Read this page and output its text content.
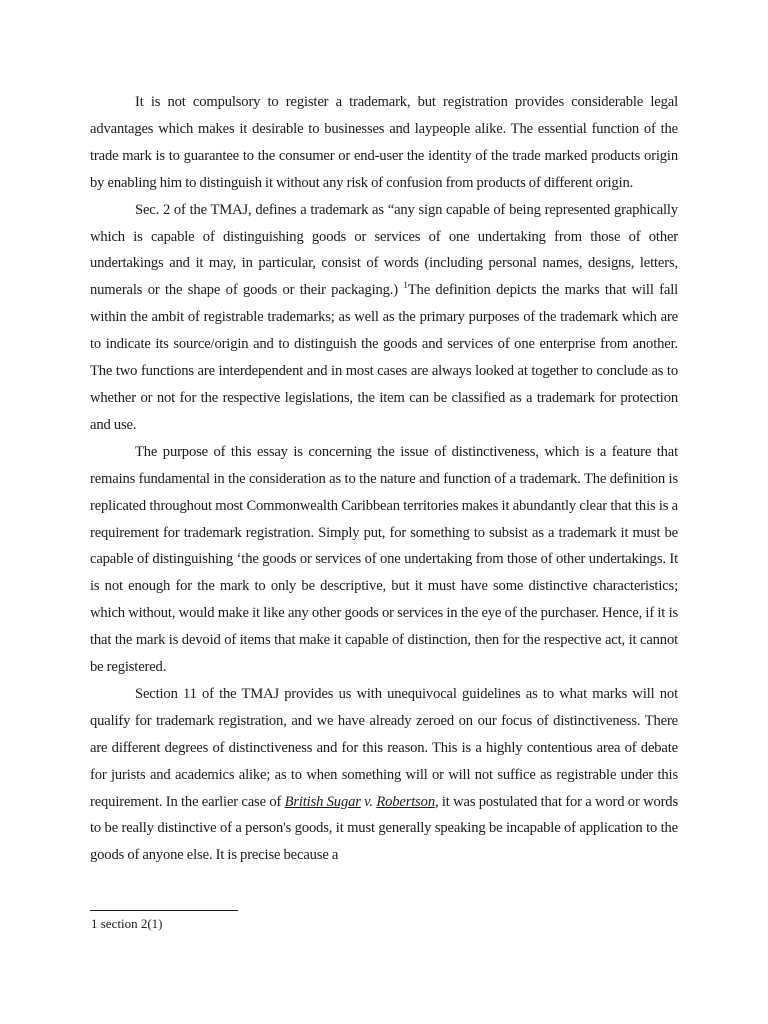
It is not compulsory to register a trademark, but registration provides considerable legal advantages which makes it desirable to businesses and laypeople alike. The essential function of the trade mark is to guarantee to the consumer or end-user the identity of the trade marked products origin by enabling him to distinguish it without any risk of confusion from products of different origin.

Sec. 2 of the TMAJ, defines a trademark as “any sign capable of being represented graphically which is capable of distinguishing goods or services of one undertaking from those of other undertakings and it may, in particular, consist of words (including personal names, designs, letters, numerals or the shape of goods or their packaging.) $^1$The definition depicts the marks that will fall within the ambit of registrable trademarks; as well as the primary purposes of the trademark which are to indicate its source/origin and to distinguish the goods and services of one enterprise from another. The two functions are interdependent and in most cases are always looked at together to conclude as to whether or not for the respective legislations, the item can be classified as a trademark for protection and use.

The purpose of this essay is concerning the issue of distinctiveness, which is a feature that remains fundamental in the consideration as to the nature and function of a trademark. The definition is replicated throughout most Commonwealth Caribbean territories makes it abundantly clear that this is a requirement for trademark registration. Simply put, for something to subsist as a trademark it must be capable of distinguishing ‘the goods or services of one undertaking from those of other undertakings. It is not enough for the mark to only be descriptive, but it must have some distinctive characteristics; which without, would make it like any other goods or services in the eye of the purchaser. Hence, if it is that the mark is devoid of items that make it capable of distinction, then for the respective act, it cannot be registered.

Section 11 of the TMAJ provides us with unequivocal guidelines as to what marks will not qualify for trademark registration, and we have already zeroed on our focus of distinctiveness. There are different degrees of distinctiveness and for this reason. This is a highly contentious area of debate for jurists and academics alike; as to when something will or will not suffice as registrable under this requirement. In the earlier case of British Sugar v. Robertson, it was postulated that for a word or words to be really distinctive of a person's goods, it must generally speaking be incapable of application to the goods of anyone else. It is precise because a

1 section 2(1)
